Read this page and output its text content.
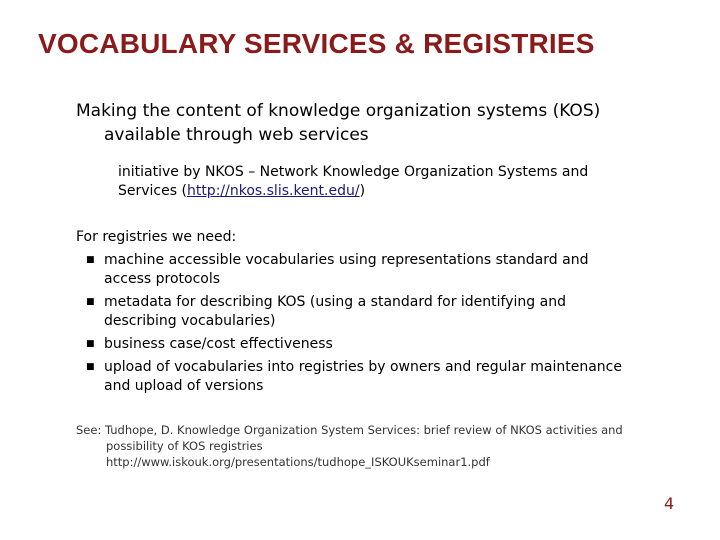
VOCABULARY SERVICES & REGISTRIES
Making the content of knowledge organization systems (KOS)
available through web services
initiative by NKOS – Network Knowledge Organization Systems and
Services (http://nkos.slis.kent.edu/)
For registries we need:
■ machine accessible vocabularies using representations standard and
access protocols
■ metadata for describing KOS (using a standard for identifying and
describing vocabularies)
■ business case/cost effectiveness
■ upload of vocabularies into registries by owners and regular maintenance
and upload of versions
See: Tudhope, D. Knowledge Organization System Services: brief review of NKOS activities and
possibility of KOS registries
http://www.iskouk.org/presentations/tudhope_ISKOUKseminar1.pdf
4
